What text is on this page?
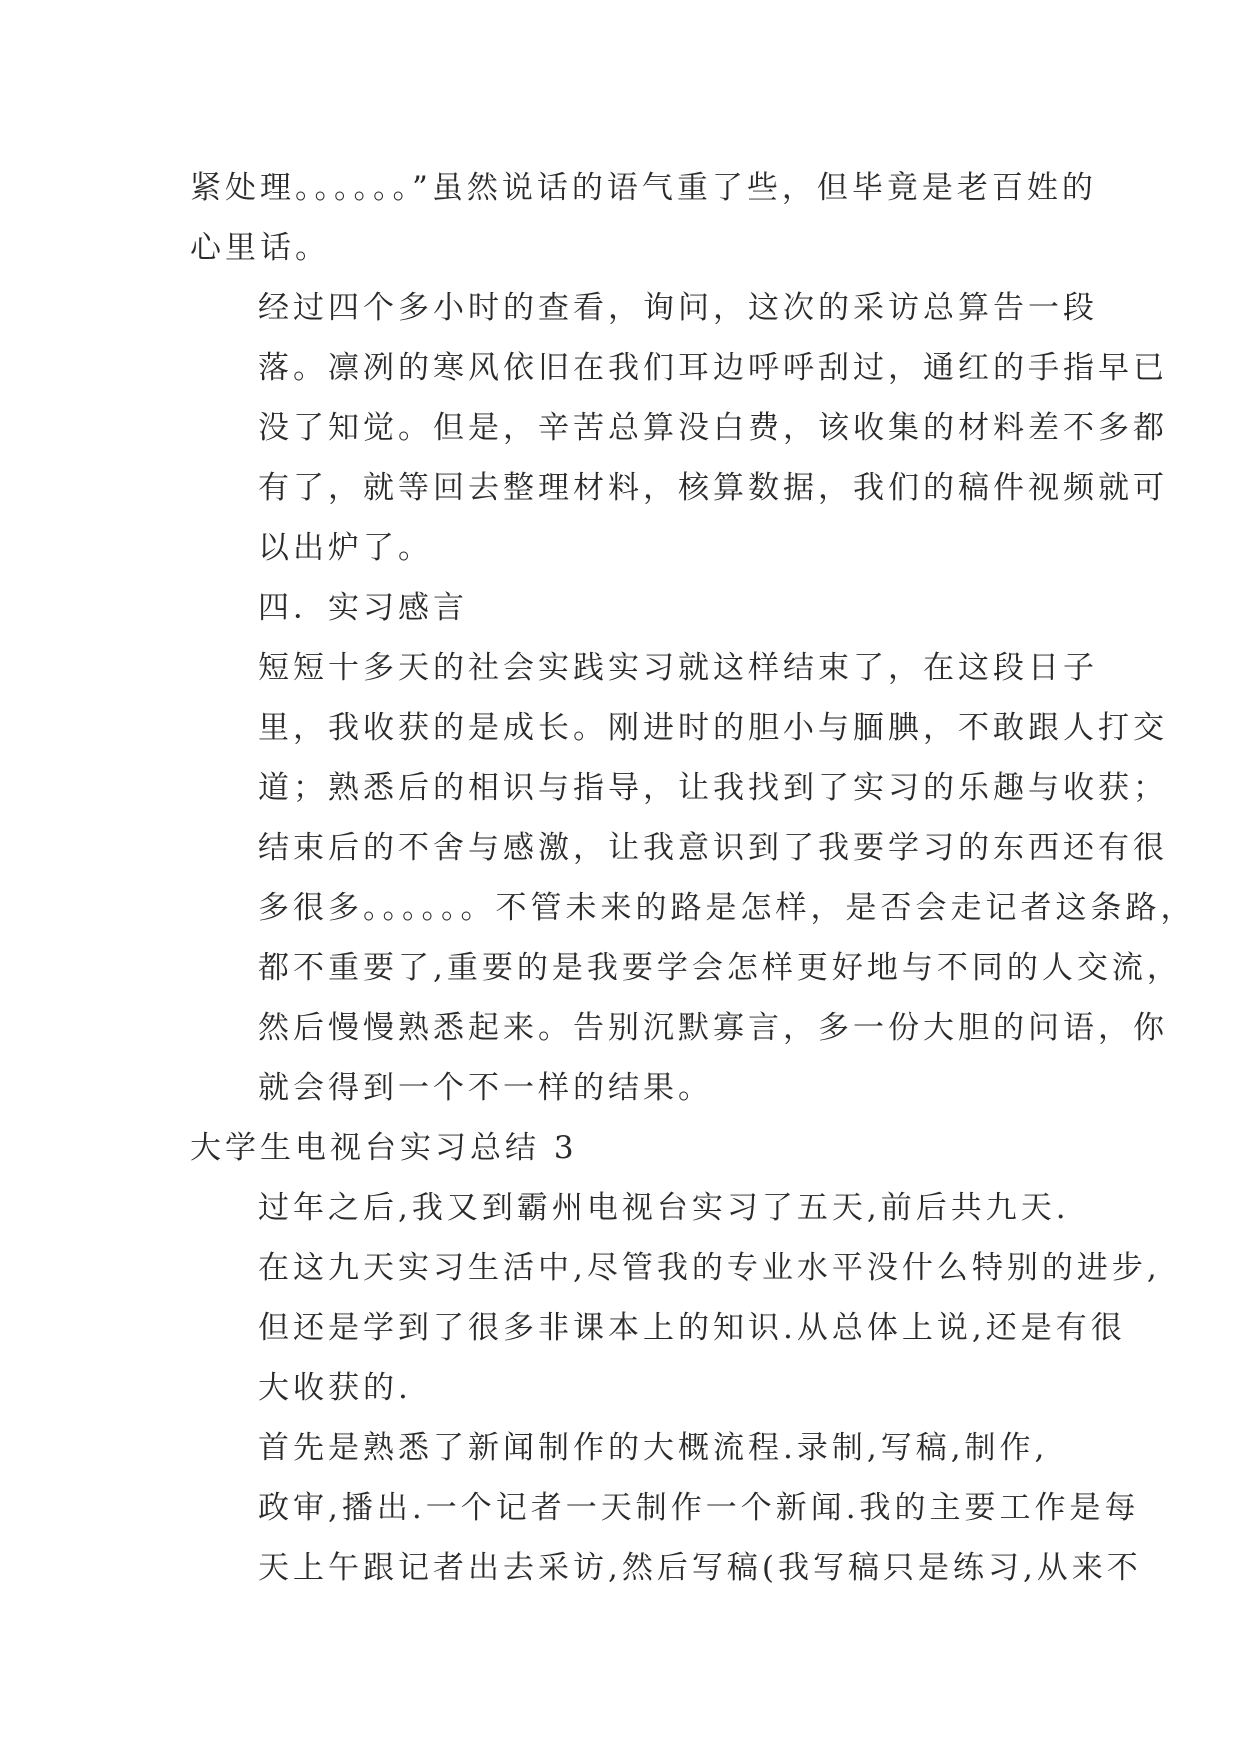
紧处理。。。。。。”虽然说话的语气重了些，但毕竟是老百姓的
心里话。

经过四个多小时的查看，询问，这次的采访总算告一段
落。凛冽的寒风依旧在我们耳边呼呼刮过，通红的手指早已
没了知觉。但是，辛苦总算没白费，该收集的材料差不多都
有了，就等回去整理材料，核算数据，我们的稿件视频就可
以出炉了。

四．实习感言

短短十多天的社会实践实习就这样结束了，在这段日子
里，我收获的是成长。刚进时的胆小与腼腆，不敢跟人打交
道；熟悉后的相识与指导，让我找到了实习的乐趣与收获；
结束后的不舍与感激，让我意识到了我要学习的东西还有很
多很多。。。。。。不管未来的路是怎样，是否会走记者这条路，
都不重要了,重要的是我要学会怎样更好地与不同的人交流，
然后慢慢熟悉起来。告别沉默寡言，多一份大胆的问语，你
就会得到一个不一样的结果。

大学生电视台实习总结 3

过年之后,我又到霸州电视台实习了五天,前后共九天.
在这九天实习生活中,尽管我的专业水平没什么特别的进步,
但还是学到了很多非课本上的知识.从总体上说,还是有很
大收获的.

首先是熟悉了新闻制作的大概流程.录制,写稿,制作,
政审,播出.一个记者一天制作一个新闻.我的主要工作是每
天上午跟记者出去采访,然后写稿(我写稿只是练习,从来不
